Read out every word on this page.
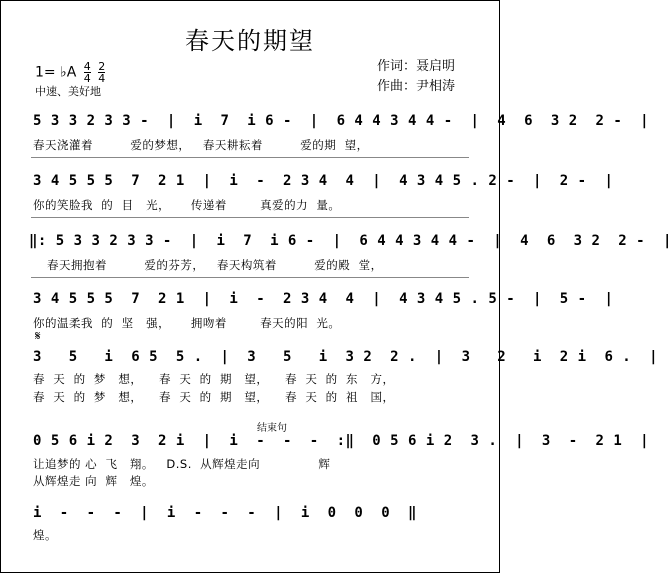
春天的期望
作词：聂启明
作曲：尹相涛
1= ♭A $\frac{4}{4}$
$\frac{2}{4}$
中速、美好地
5 3 3 2 3 3 -  |  i  7  i 6 -  |  6 4 4 3 4 4 -  |  4  6  3 2  2 -  |
春天浇灌着         爱的梦想，   春天耕耘着         爱的期  望，
3 4 5 5 5  7  2 1  |  i  -  2 3 4  4  |  4 3 4 5 . 2 -  |  2 -  |
你的笑脸我  的  目   光，     传递着        真爱的力  量。
‖: 5 3 3 2 3 3 -  |  i  7  i 6 -  |  6 4 4 3 4 4 -  |  4  6  3 2  2 -  |
春天拥抱着         爱的芬芳，   春天构筑着         爱的殿  堂，
3 4 5 5 5  7  2 1  |  i  -  2 3 4  4  |  4 3 4 5 . 5 -  |  5 -  |
你的温柔我  的  坚   强，     拥吻着        春天的阳  光。
𝄋
3   5   i  6 5  5 .  |  3   5   i  3 2  2 .  |  3   2   i  2 i  6 .  |
春  天  的  梦   想，    春  天  的  期   望，    春  天  的  东   方，
春  天  的  梦   想，    春  天  的  期   望，    春  天  的  祖   国，
结束句
0 5 6 i 2  3  2 i  |  i  -  -  -  :‖  0 5 6 i 2  3 .  |  3  -  2 1  |
让追梦的 心  飞   翔。   D.S.  从辉煌走向              辉
从辉煌走 向  辉   煌。
i  -  -  -  |  i  -  -  -  |  i  0  0  0  ‖
煌。
